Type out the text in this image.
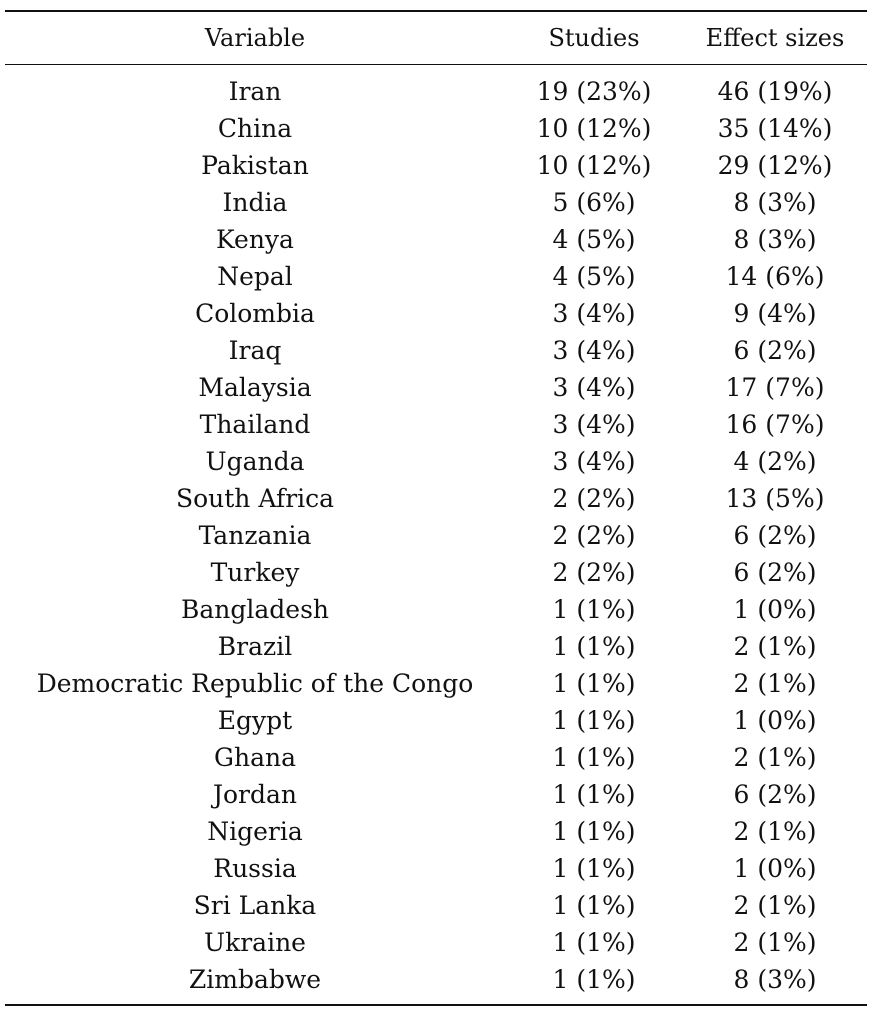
Variable	Studies	Effect sizes
Iran	19 (23%)	46 (19%)
China	10 (12%)	35 (14%)
Pakistan	10 (12%)	29 (12%)
India	5 (6%)	8 (3%)
Kenya	4 (5%)	8 (3%)
Nepal	4 (5%)	14 (6%)
Colombia	3 (4%)	9 (4%)
Iraq	3 (4%)	6 (2%)
Malaysia	3 (4%)	17 (7%)
Thailand	3 (4%)	16 (7%)
Uganda	3 (4%)	4 (2%)
South Africa	2 (2%)	13 (5%)
Tanzania	2 (2%)	6 (2%)
Turkey	2 (2%)	6 (2%)
Bangladesh	1 (1%)	1 (0%)
Brazil	1 (1%)	2 (1%)
Democratic Republic of the Congo	1 (1%)	2 (1%)
Egypt	1 (1%)	1 (0%)
Ghana	1 (1%)	2 (1%)
Jordan	1 (1%)	6 (2%)
Nigeria	1 (1%)	2 (1%)
Russia	1 (1%)	1 (0%)
Sri Lanka	1 (1%)	2 (1%)
Ukraine	1 (1%)	2 (1%)
Zimbabwe	1 (1%)	8 (3%)
